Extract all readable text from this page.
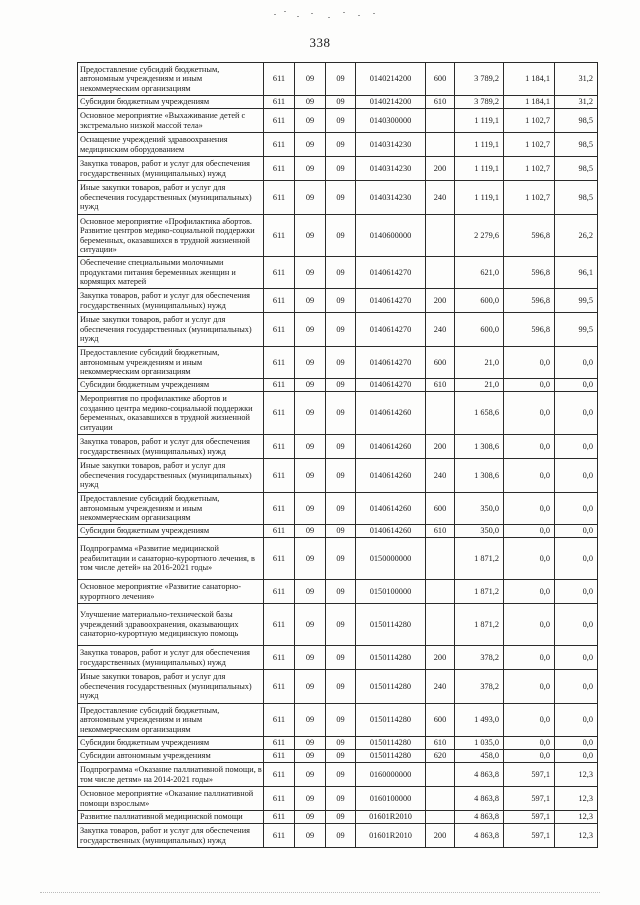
338
Предоставление субсидий бюджетным, автономным учреждениям и иным некоммерческим организациям	611	09	09	0140214200	600	3 789,2	1 184,1	31,2
Субсидии бюджетным учреждениям	611	09	09	0140214200	610	3 789,2	1 184,1	31,2
Основное мероприятие «Выхаживание детей с экстремально низкой массой тела»	611	09	09	0140300000		1 119,1	1 102,7	98,5
Оснащение учреждений здравоохранения медицинским оборудованием	611	09	09	0140314230		1 119,1	1 102,7	98,5
Закупка товаров, работ и услуг для обеспечения государственных (муниципальных) нужд	611	09	09	0140314230	200	1 119,1	1 102,7	98,5
Иные закупки товаров, работ и услуг для обеспечения государственных (муниципальных) нужд	611	09	09	0140314230	240	1 119,1	1 102,7	98,5
Основное мероприятие «Профилактика абортов. Развитие центров медико-социальной поддержки беременных, оказавшихся в трудной жизненной ситуации»	611	09	09	0140600000		2 279,6	596,8	26,2
Обеспечение специальными молочными продуктами питания беременных женщин и кормящих матерей	611	09	09	0140614270		621,0	596,8	96,1
Закупка товаров, работ и услуг для обеспечения государственных (муниципальных) нужд	611	09	09	0140614270	200	600,0	596,8	99,5
Иные закупки товаров, работ и услуг для обеспечения государственных (муниципальных) нужд	611	09	09	0140614270	240	600,0	596,8	99,5
Предоставление субсидий бюджетным, автономным учреждениям и иным некоммерческим организациям	611	09	09	0140614270	600	21,0	0,0	0,0
Субсидии бюджетным учреждениям	611	09	09	0140614270	610	21,0	0,0	0,0
Мероприятия по профилактике абортов и созданию центра медико-социальной поддержки беременных, оказавшихся в трудной жизненной ситуации	611	09	09	0140614260		1 658,6	0,0	0,0
Закупка товаров, работ и услуг для обеспечения государственных (муниципальных) нужд	611	09	09	0140614260	200	1 308,6	0,0	0,0
Иные закупки товаров, работ и услуг для обеспечения государственных (муниципальных) нужд	611	09	09	0140614260	240	1 308,6	0,0	0,0
Предоставление субсидий бюджетным, автономным учреждениям и иным некоммерческим организациям	611	09	09	0140614260	600	350,0	0,0	0,0
Субсидии бюджетным учреждениям	611	09	09	0140614260	610	350,0	0,0	0,0
Подпрограмма «Развитие медицинской реабилитации и санаторно-курортного лечения, в том числе детей» на 2016-2021 годы»	611	09	09	0150000000		1 871,2	0,0	0,0
Основное мероприятие «Развитие санаторно-курортного лечения»	611	09	09	0150100000		1 871,2	0,0	0,0
Улучшение материально-технической базы учреждений здравоохранения, оказывающих санаторно-курортную медицинскую помощь	611	09	09	0150114280		1 871,2	0,0	0,0
Закупка товаров, работ и услуг для обеспечения государственных (муниципальных) нужд	611	09	09	0150114280	200	378,2	0,0	0,0
Иные закупки товаров, работ и услуг для обеспечения государственных (муниципальных) нужд	611	09	09	0150114280	240	378,2	0,0	0,0
Предоставление субсидий бюджетным, автономным учреждениям и иным некоммерческим организациям	611	09	09	0150114280	600	1 493,0	0,0	0,0
Субсидии бюджетным учреждениям	611	09	09	0150114280	610	1 035,0	0,0	0,0
Субсидии автономным учреждениям	611	09	09	0150114280	620	458,0	0,0	0,0
Подпрограмма «Оказание паллиативной помощи, в том числе детям» на 2014-2021 годы»	611	09	09	0160000000		4 863,8	597,1	12,3
Основное мероприятие «Оказание паллиативной помощи взрослым»	611	09	09	0160100000		4 863,8	597,1	12,3
Развитие паллиативной медицинской помощи	611	09	09	01601R2010		4 863,8	597,1	12,3
Закупка товаров, работ и услуг для обеспечения государственных (муниципальных) нужд	611	09	09	01601R2010	200	4 863,8	597,1	12,3
